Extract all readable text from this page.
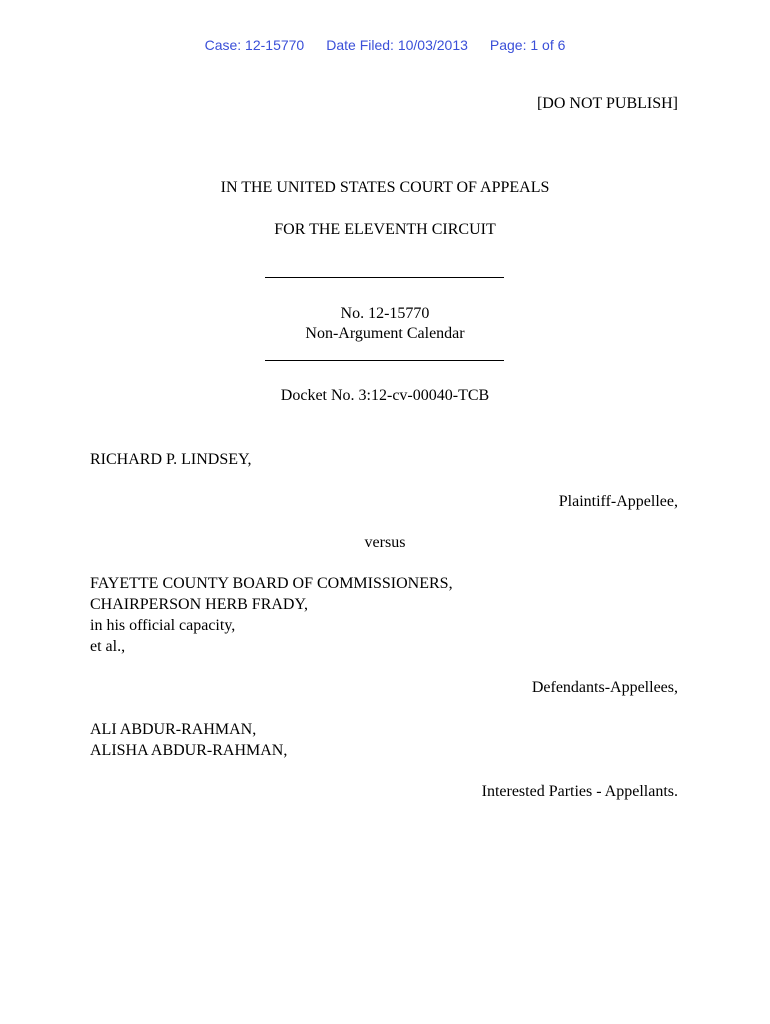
Case: 12-15770 Date Filed: 10/03/2013 Page: 1 of 6
[DO NOT PUBLISH]
IN THE UNITED STATES COURT OF APPEALS
FOR THE ELEVENTH CIRCUIT
No. 12-15770
Non-Argument Calendar
Docket No. 3:12-cv-00040-TCB
RICHARD P. LINDSEY,
Plaintiff-Appellee,
versus
FAYETTE COUNTY BOARD OF COMMISSIONERS,
CHAIRPERSON HERB FRADY,
in his official capacity,
et al.,
Defendants-Appellees,
ALI ABDUR-RAHMAN,
ALISHA ABDUR-RAHMAN,
Interested Parties - Appellants.
